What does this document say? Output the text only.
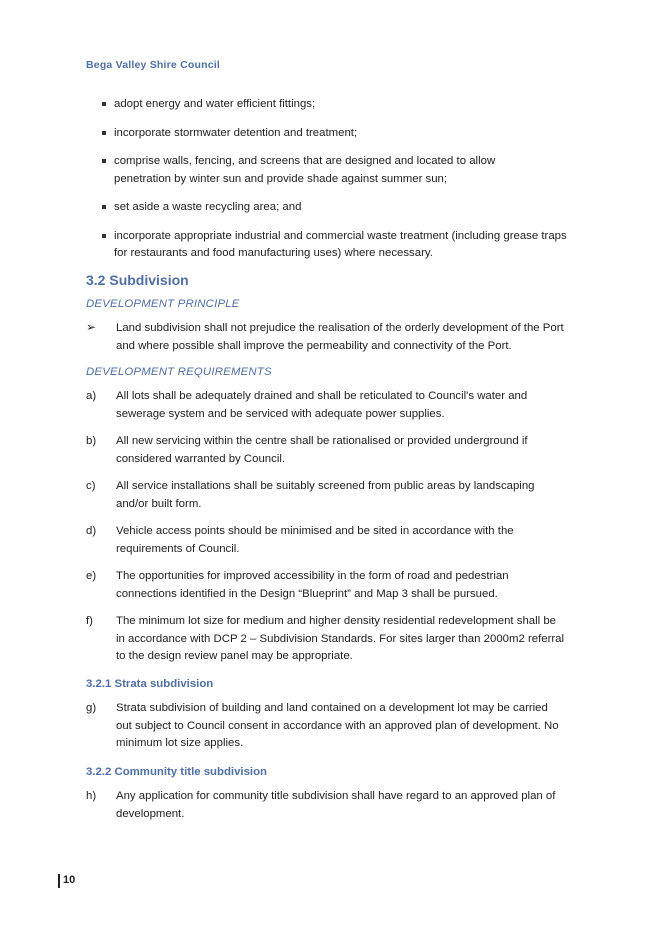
Bega Valley Shire Council
adopt energy and water efficient fittings;
incorporate stormwater detention and treatment;
comprise walls, fencing, and screens that are designed and located to allow penetration by winter sun and provide shade against summer sun;
set aside a waste recycling area; and
incorporate appropriate industrial and commercial waste treatment (including grease traps for restaurants and food manufacturing uses) where necessary.
3.2 Subdivision
DEVELOPMENT PRINCIPLE
➢ Land subdivision shall not prejudice the realisation of the orderly development of the Port and where possible shall improve the permeability and connectivity of the Port.
DEVELOPMENT REQUIREMENTS
a)	All lots shall be adequately drained and shall be reticulated to Council's water and sewerage system and be serviced with adequate power supplies.
b)	All new servicing within the centre shall be rationalised or provided underground if considered warranted by Council.
c)	All service installations shall be suitably screened from public areas by landscaping and/or built form.
d)	Vehicle access points should be minimised and be sited in accordance with the requirements of Council.
e)	The opportunities for improved accessibility in the form of road and pedestrian connections identified in the Design “Blueprint” and Map 3 shall be pursued.
f)	The minimum lot size for medium and higher density residential redevelopment shall be in accordance with DCP 2 – Subdivision Standards. For sites larger than 2000m2 referral to the design review panel may be appropriate.
3.2.1 Strata subdivision
g)	Strata subdivision of building and land contained on a development lot may be carried out subject to Council consent in accordance with an approved plan of development. No minimum lot size applies.
3.2.2 Community title subdivision
h)	Any application for community title subdivision shall have regard to an approved plan of development.
10
